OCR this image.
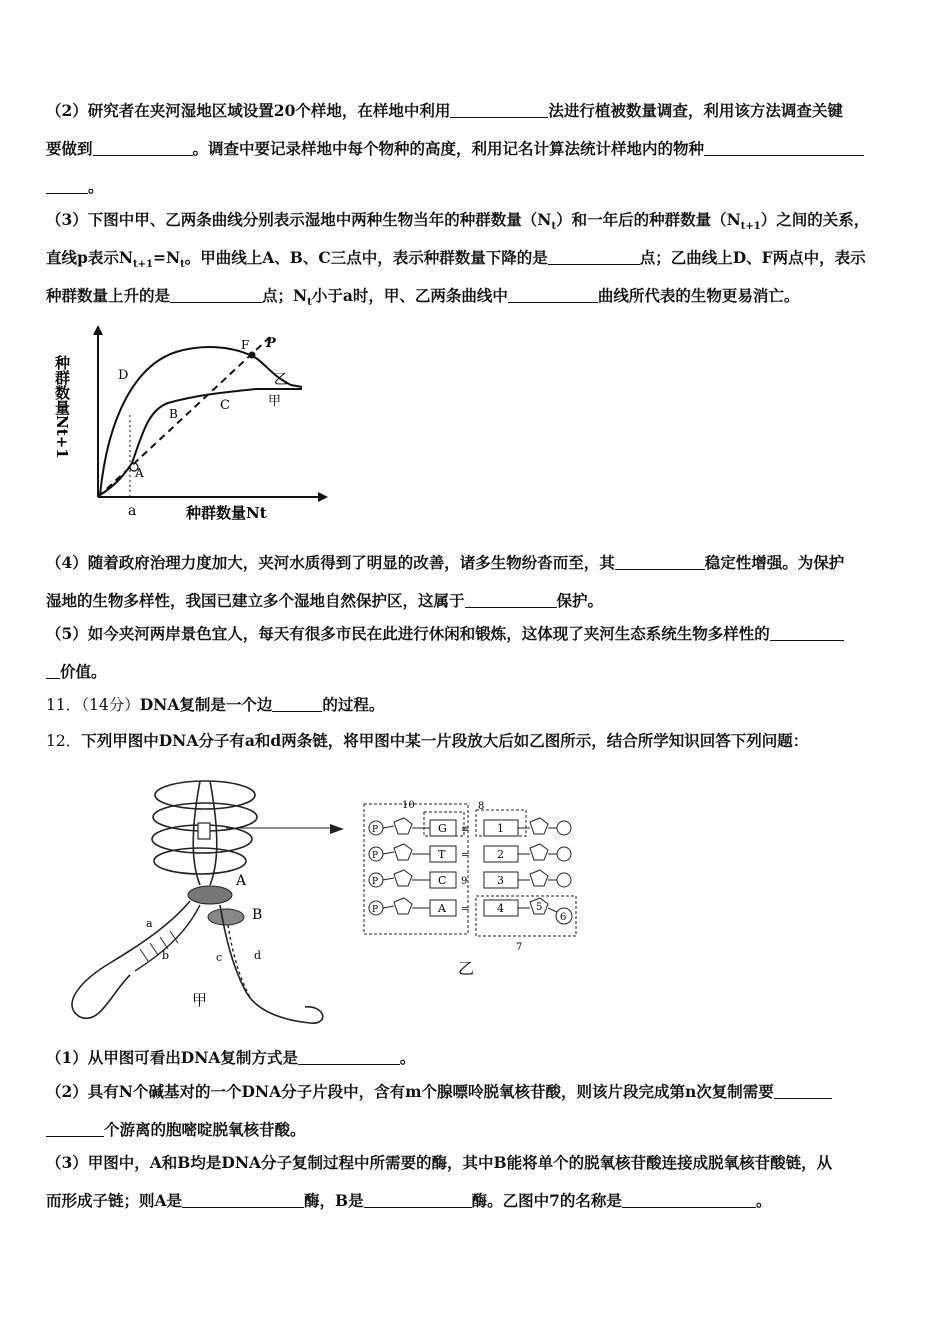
（2）研究者在夹河湿地区域设置20个样地，在样地中利用	法进行植被数量调查，利用该方法调查关键
要做到	。调查中要记录样地中每个物种的高度，利用记名计算法统计样地内的物种
。
（3）下图中甲、乙两条曲线分别表示湿地中两种生物当年的种群数量$(N_t)$和一年后的种群数量$(N_{t+1})$之间的关系，
直线p表示$N_{t+1}=N_t$。甲曲线上A、B、C三点中，表示种群数量下降的是	点；乙曲线上D、F两点中，表示
种群数量上升的是	点；$N_t$小于a时，甲、乙两条曲线中	曲线所代表的生物更易消亡。
种群数量Nt+1
种群数量Nt
a
P
D
F
乙
A
B
C	甲
（4）随着政府治理力度加大，夹河水质得到了明显的改善，诸多生物纷沓而至，其	稳定性增强。为保护
湿地的生物多样性，我国已建立多个湿地自然保护区，这属于	保护。
（5）如今夹河两岸景色宜人，每天有很多市民在此进行休闲和锻炼，这体现了夹河生态系统生物多样性的
价值。
11．（14分）DNA复制是一个边	的过程。
12．下列甲图中DNA分子有a和d两条链，将甲图中某一片段放大后如乙图所示，结合所学知识回答下列问题：
A
B
a
b	c	d
甲
10	8
7
P	G ≡	1
P	T =	2
P	C 9	3
P	A =	4	5
6
乙
（1）从甲图可看出DNA复制方式是	。
（2）具有N个碱基对的一个DNA分子片段中，含有m个腺嘌呤脱氧核苷酸，则该片段完成第n次复制需要
个游离的胞嘧啶脱氧核苷酸。
（3）甲图中，A和B均是DNA分子复制过程中所需要的酶，其中B能将单个的脱氧核苷酸连接成脱氧核苷酸链，从
而形成子链；则A是	酶，B是	酶。乙图中7的名称是	。
